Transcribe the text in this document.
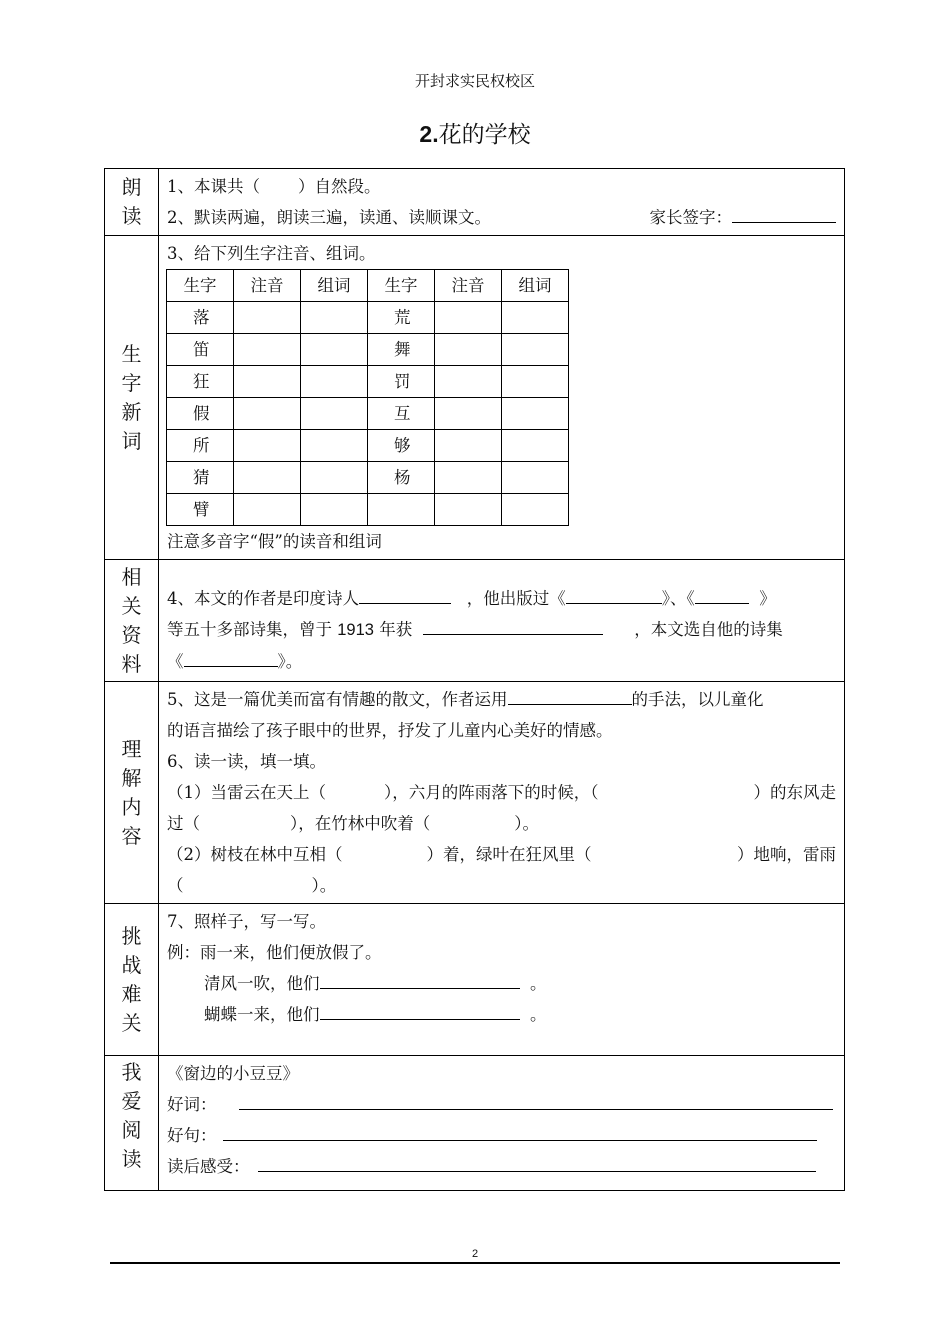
开封求实民权校区
2.花的学校
朗读	
1、本课共（ ）自然段。
2、默读两遍，朗读三遍，读通、读顺课文。	家长签字：

生字新词	
3、给下列生字注音、组词。
生字	注音	组词	生字	注音	组词
落			荒		
笛			舞		
狂			罚		
假			互		
所			够		
猜			杨		
臂					
注意多音字“假”的读音和组词

相关资料	
4、本文的作者是印度诗人	，他出版过《	》、《	》
等五十多部诗集，曾于 1913 年获	，本文选自他的诗集
《	》。

理解内容	
5、这是一篇优美而富有情趣的散文，作者运用	的手法，以儿童化
的语言描绘了孩子眼中的世界，抒发了儿童内心美好的情感。
6、读一读，填一填。
（1）当雷云在天上（	），六月的阵雨落下的时候，（	）的东风走
过（	），在竹林中吹着（	）。
（2）树枝在林中互相（	）着，绿叶在狂风里（	）地响，雷雨
（	）。

挑战难关	
7、照样子，写一写。
例：雨一来，他们便放假了。
清风一吹，他们	。
蝴蝶一来，他们	。

我爱阅读	
《窗边的小豆豆》
好词：
好句：
读后感受：
2
